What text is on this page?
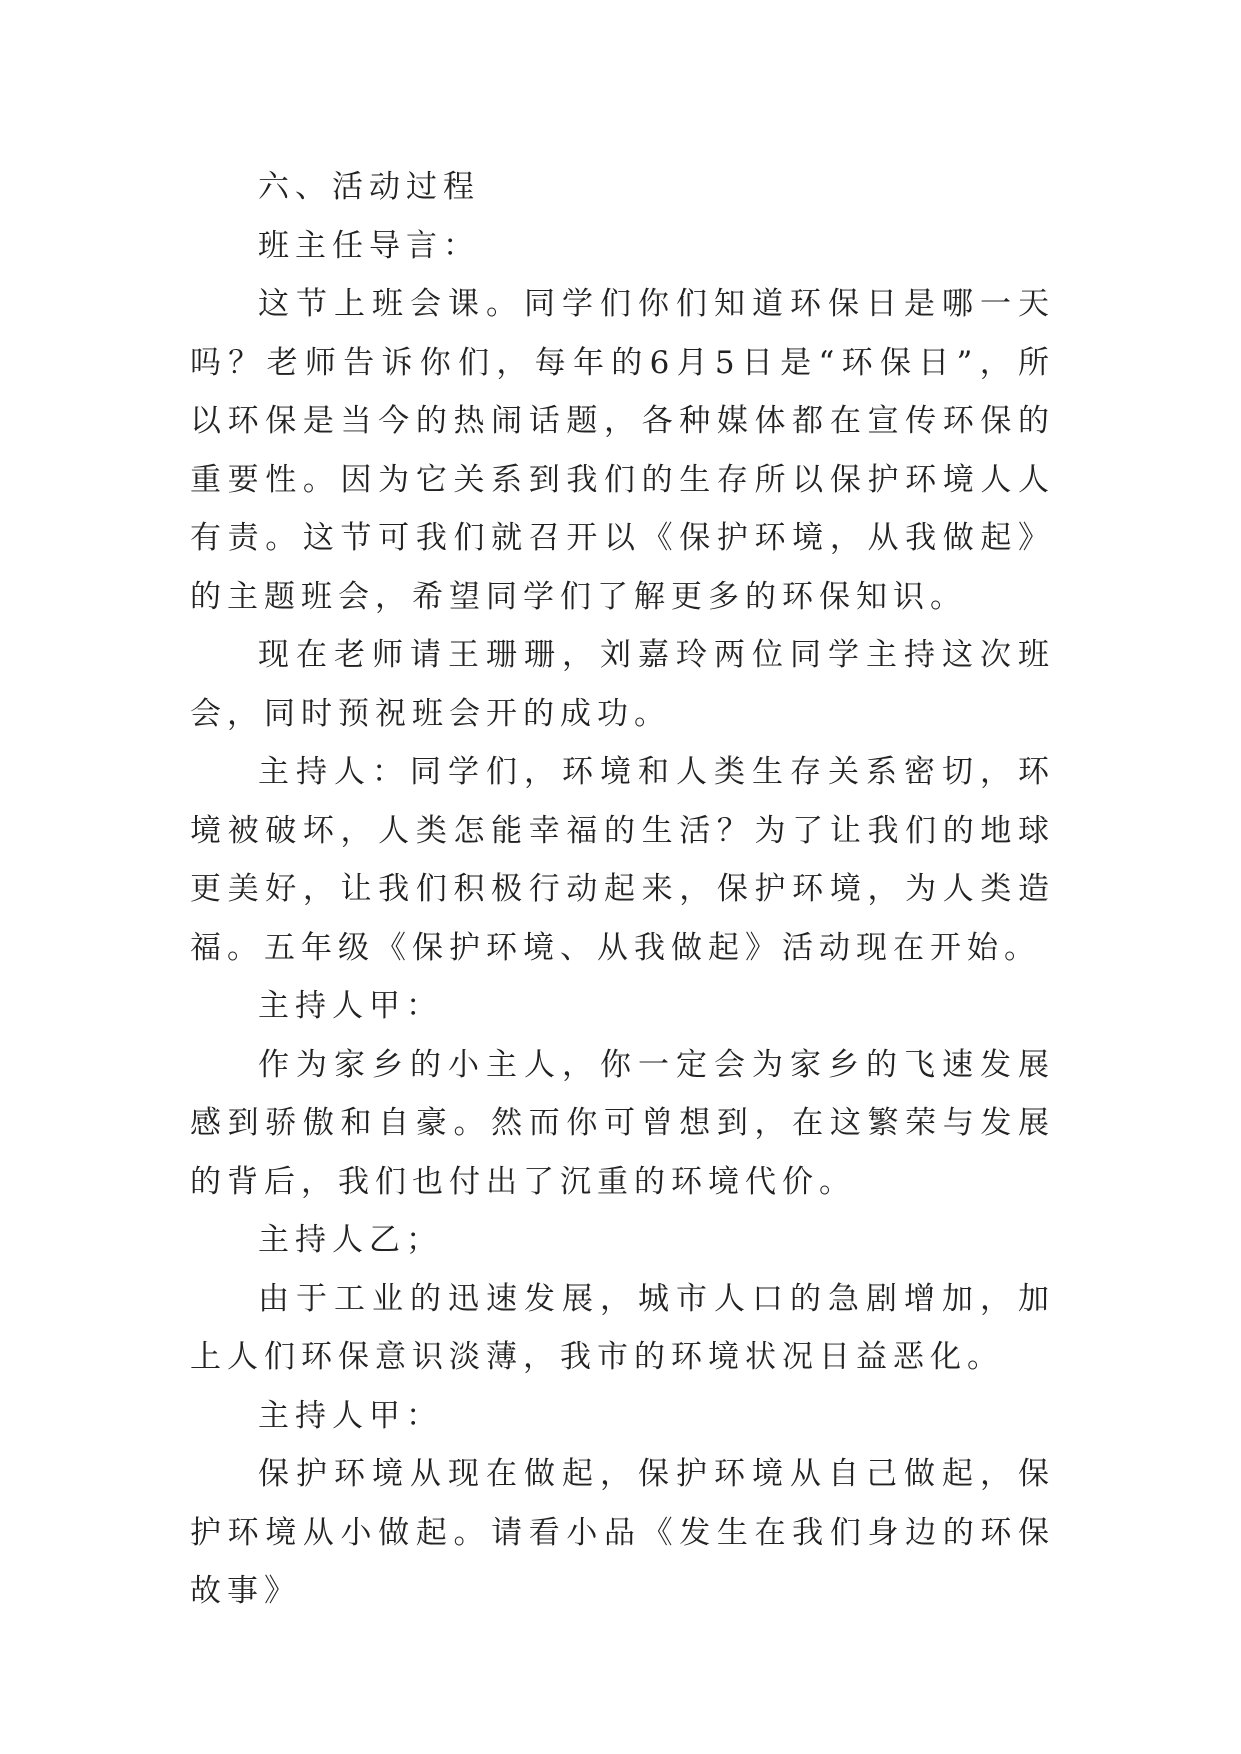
六、活动过程

班主任导言：

这节上班会课。同学们你们知道环保日是哪一天吗？老师告诉你们，每年的6月5日是“环保日”，所以环保是当今的热闹话题，各种媒体都在宣传环保的重要性。因为它关系到我们的生存所以保护环境人人有责。这节可我们就召开以《保护环境，从我做起》的主题班会，希望同学们了解更多的环保知识。

现在老师请王珊珊，刘嘉玲两位同学主持这次班会，同时预祝班会开的成功。

主持人：同学们，环境和人类生存关系密切，环境被破坏，人类怎能幸福的生活？为了让我们的地球更美好，让我们积极行动起来，保护环境，为人类造福。五年级《保护环境、从我做起》活动现在开始。

主持人甲：

作为家乡的小主人，你一定会为家乡的飞速发展感到骄傲和自豪。然而你可曾想到，在这繁荣与发展的背后，我们也付出了沉重的环境代价。

主持人乙；

由于工业的迅速发展，城市人口的急剧增加，加上人们环保意识淡薄，我市的环境状况日益恶化。

主持人甲：

保护环境从现在做起，保护环境从自己做起，保护环境从小做起。请看小品《发生在我们身边的环保故事》
